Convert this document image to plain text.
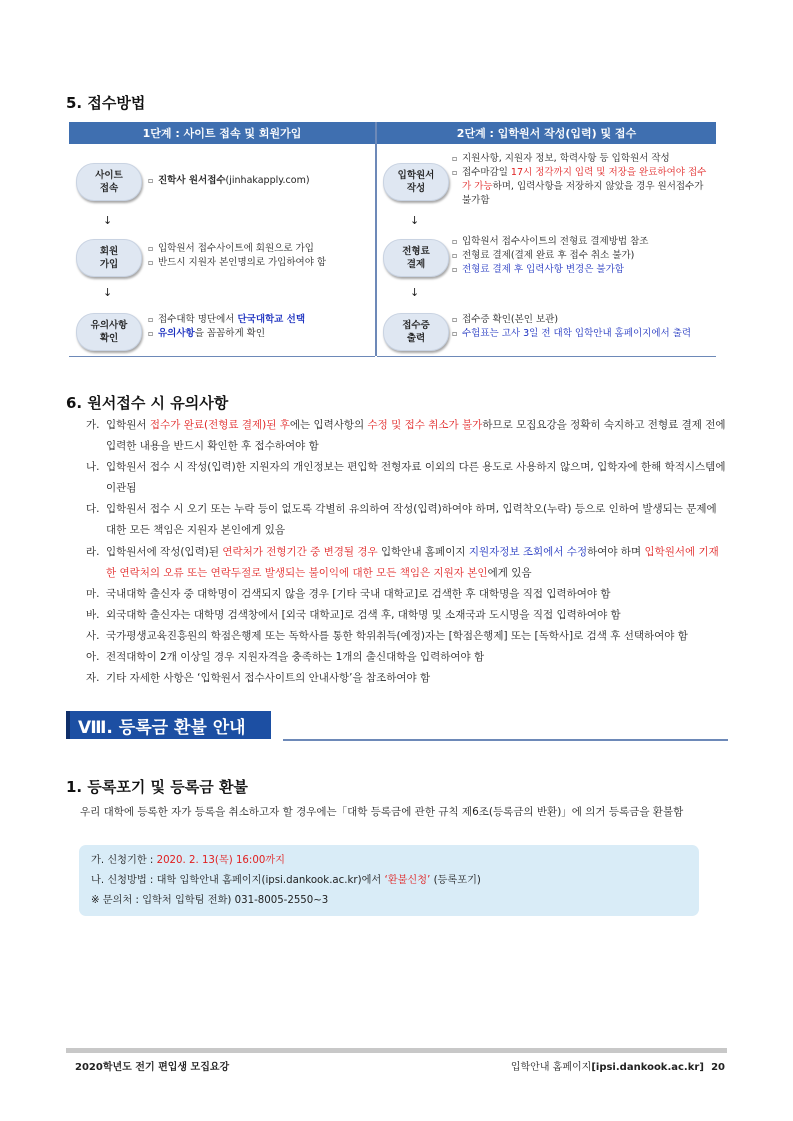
5. 접수방법
1단계 : 사이트 접속 및 회원가입	2단계 : 입학원서 작성(입력) 및 접수
사이트
접속
▫ 진학사 원서접수(jinhakapply.com)
회원
가입
▫ 입학원서 접수사이트에 회원으로 가입
▫ 반드시 지원자 본인명의로 가입하여야 함
유의사항
확인
▫ 접수대학 명단에서 단국대학교 선택
▫ 유의사항을 꼼꼼하게 확인
↓
↓
입학원서
작성
▫ 지원사항, 지원자 정보, 학력사항 등 입학원서 작성
▫ 접수마감일 17시 정각까지 입력 및 저장을 완료하여야 접수가 가능하며, 입력사항을 저장하지 않았을 경우 원서접수가 불가함
전형료
결제
▫ 입학원서 접수사이트의 전형료 결제방법 참조
▫ 전형료 결제(결제 완료 후 접수 취소 불가)
▫ 전형료 결제 후 입력사항 변경은 불가함
접수증
출력
▫ 접수증 확인(본인 보관)
▫ 수험표는 고사 3일 전 대학 입학안내 홈페이지에서 출력
↓
↓
6. 원서접수 시 유의사항
가. 입학원서 접수가 완료(전형료 결제)된 후에는 입력사항의 수정 및 접수 취소가 불가하므로 모집요강을 정확히 숙지하고 전형료 결제 전에 입력한 내용을 반드시 확인한 후 접수하여야 함
나. 입학원서 접수 시 작성(입력)한 지원자의 개인정보는 편입학 전형자료 이외의 다른 용도로 사용하지 않으며, 입학자에 한해 학적시스템에 이관됨
다. 입학원서 접수 시 오기 또는 누락 등이 없도록 각별히 유의하여 작성(입력)하여야 하며, 입력착오(누락) 등으로 인하여 발생되는 문제에 대한 모든 책임은 지원자 본인에게 있음
라. 입학원서에 작성(입력)된 연락처가 전형기간 중 변경될 경우 입학안내 홈페이지 지원자정보 조회에서 수정하여야 하며 입학원서에 기재한 연락처의 오류 또는 연락두절로 발생되는 불이익에 대한 모든 책임은 지원자 본인에게 있음
마. 국내대학 출신자 중 대학명이 검색되지 않을 경우 [기타 국내 대학교]로 검색한 후 대학명을 직접 입력하여야 함
바. 외국대학 출신자는 대학명 검색창에서 [외국 대학교]로 검색 후, 대학명 및 소재국과 도시명을 직접 입력하여야 함
사. 국가평생교육진흥원의 학점은행제 또는 독학사를 통한 학위취득(예정)자는 [학점은행제] 또는 [독학사]로 검색 후 선택하여야 함
아. 전적대학이 2개 이상일 경우 지원자격을 충족하는 1개의 출신대학을 입력하여야 함
자. 기타 자세한 사항은 ‘입학원서 접수사이트의 안내사항’을 참조하여야 함
Ⅷ. 등록금 환불 안내
1. 등록포기 및 등록금 환불
우리 대학에 등록한 자가 등록을 취소하고자 할 경우에는「대학 등록금에 관한 규칙 제6조(등록금의 반환)」에 의거 등록금을 환불함
가. 신청기한 : 2020. 2. 13(목) 16:00까지
나. 신청방법 : 대학 입학안내 홈페이지(ipsi.dankook.ac.kr)에서 ‘환불신청’ (등록포기)
※ 문의처 : 입학처 입학팀 전화) 031-8005-2550~3
2020학년도 전기 편입생 모집요강	입학안내 홈페이지[ipsi.dankook.ac.kr] 20
